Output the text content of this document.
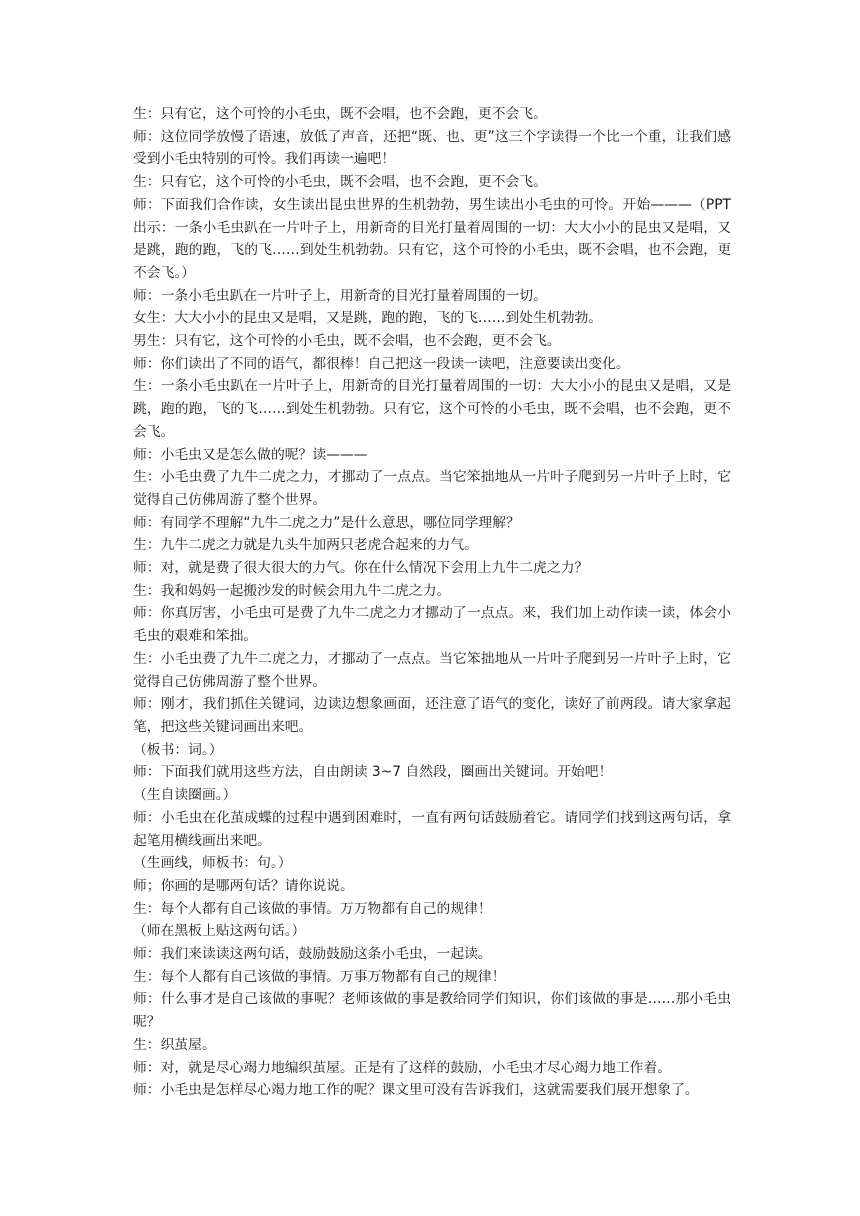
生：只有它，这个可怜的小毛虫，既不会唱，也不会跑，更不会飞。

师：这位同学放慢了语速，放低了声音，还把“既、也、更”这三个字读得一个比一个重，让我们感受到小毛虫特别的可怜。我们再读一遍吧！

生：只有它，这个可怜的小毛虫，既不会唱，也不会跑，更不会飞。

师：下面我们合作读，女生读出昆虫世界的生机勃勃，男生读出小毛虫的可怜。开始———（PPT出示：一条小毛虫趴在一片叶子上，用新奇的目光打量着周围的一切：大大小小的昆虫又是唱，又是跳，跑的跑，飞的飞……到处生机勃勃。只有它，这个可怜的小毛虫，既不会唱，也不会跑，更不会飞。）

师：一条小毛虫趴在一片叶子上，用新奇的目光打量着周围的一切。

女生：大大小小的昆虫又是唱，又是跳，跑的跑，飞的飞……到处生机勃勃。

男生：只有它，这个可怜的小毛虫，既不会唱，也不会跑，更不会飞。

师：你们读出了不同的语气，都很棒！自己把这一段读一读吧，注意要读出变化。

生：一条小毛虫趴在一片叶子上，用新奇的目光打量着周围的一切：大大小小的昆虫又是唱，又是跳，跑的跑，飞的飞……到处生机勃勃。只有它，这个可怜的小毛虫，既不会唱，也不会跑，更不会飞。

师：小毛虫又是怎么做的呢？读———

生：小毛虫费了九牛二虎之力，才挪动了一点点。当它笨拙地从一片叶子爬到另一片叶子上时，它觉得自己仿佛周游了整个世界。

师：有同学不理解“九牛二虎之力”是什么意思，哪位同学理解？

生：九牛二虎之力就是九头牛加两只老虎合起来的力气。

师：对，就是费了很大很大的力气。你在什么情况下会用上九牛二虎之力？

生：我和妈妈一起搬沙发的时候会用九牛二虎之力。

师：你真厉害，小毛虫可是费了九牛二虎之力才挪动了一点点。来，我们加上动作读一读，体会小毛虫的艰难和笨拙。

生：小毛虫费了九牛二虎之力，才挪动了一点点。当它笨拙地从一片叶子爬到另一片叶子上时，它觉得自己仿佛周游了整个世界。

师：刚才，我们抓住关键词，边读边想象画面，还注意了语气的变化，读好了前两段。请大家拿起笔，把这些关键词画出来吧。

（板书：词。）

师：下面我们就用这些方法，自由朗读 3~7 自然段，圈画出关键词。开始吧！

（生自读圈画。）

师：小毛虫在化茧成蝶的过程中遇到困难时，一直有两句话鼓励着它。请同学们找到这两句话，拿起笔用横线画出来吧。

（生画线，师板书：句。）

师；你画的是哪两句话？请你说说。

生：每个人都有自己该做的事情。万万物都有自己的规律！

（师在黑板上贴这两句话。）

师：我们来读读这两句话，鼓励鼓励这条小毛虫，一起读。

生：每个人都有自己该做的事情。万事万物都有自己的规律！

师：什么事才是自己该做的事呢？老师该做的事是教给同学们知识，你们该做的事是……那小毛虫呢？

生：织茧屋。

师：对，就是尽心竭力地编织茧屋。正是有了这样的鼓励，小毛虫才尽心竭力地工作着。

师：小毛虫是怎样尽心竭力地工作的呢？课文里可没有告诉我们，这就需要我们展开想象了。
